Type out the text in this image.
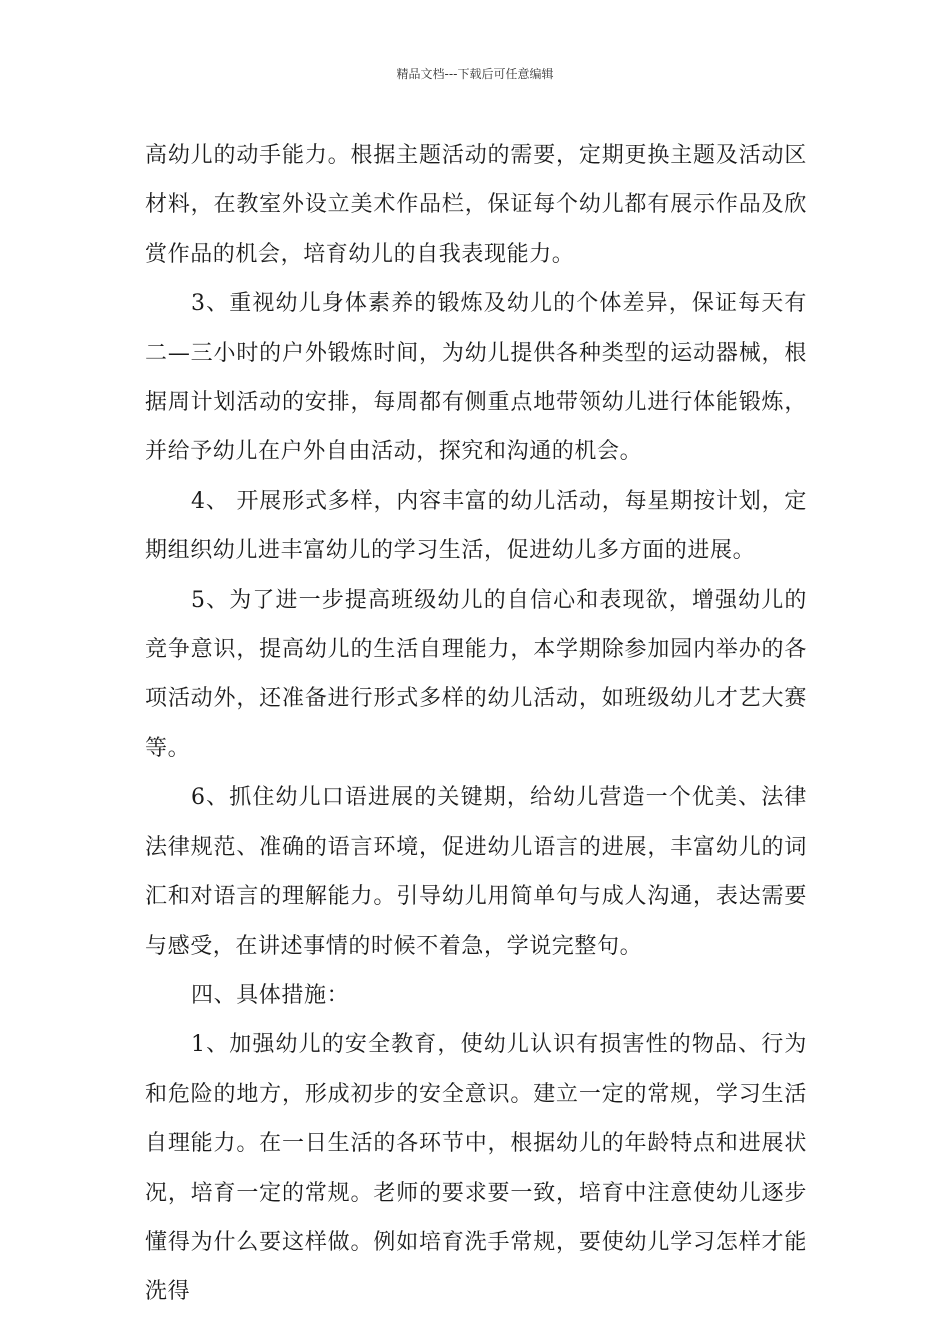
精品文档---下载后可任意编辑

高幼儿的动手能力。根据主题活动的需要，定期更换主题及活动区材料，在教室外设立美术作品栏，保证每个幼儿都有展示作品及欣赏作品的机会，培育幼儿的自我表现能力。

3、重视幼儿身体素养的锻炼及幼儿的个体差异，保证每天有二—三小时的户外锻炼时间，为幼儿提供各种类型的运动器械，根据周计划活动的安排，每周都有侧重点地带领幼儿进行体能锻炼，并给予幼儿在户外自由活动，探究和沟通的机会。

4、 开展形式多样，内容丰富的幼儿活动，每星期按计划，定期组织幼儿进丰富幼儿的学习生活，促进幼儿多方面的进展。

5、为了进一步提高班级幼儿的自信心和表现欲，增强幼儿的竞争意识，提高幼儿的生活自理能力，本学期除参加园内举办的各项活动外，还准备进行形式多样的幼儿活动，如班级幼儿才艺大赛等。

6、抓住幼儿口语进展的关键期，给幼儿营造一个优美、法律法律规范、准确的语言环境，促进幼儿语言的进展，丰富幼儿的词汇和对语言的理解能力。引导幼儿用简单句与成人沟通，表达需要与感受，在讲述事情的时候不着急，学说完整句。

四、具体措施：

1、加强幼儿的安全教育，使幼儿认识有损害性的物品、行为和危险的地方，形成初步的安全意识。建立一定的常规，学习生活自理能力。在一日生活的各环节中，根据幼儿的年龄特点和进展状况，培育一定的常规。老师的要求要一致，培育中注意使幼儿逐步懂得为什么要这样做。例如培育洗手常规，要使幼儿学习怎样才能洗得
